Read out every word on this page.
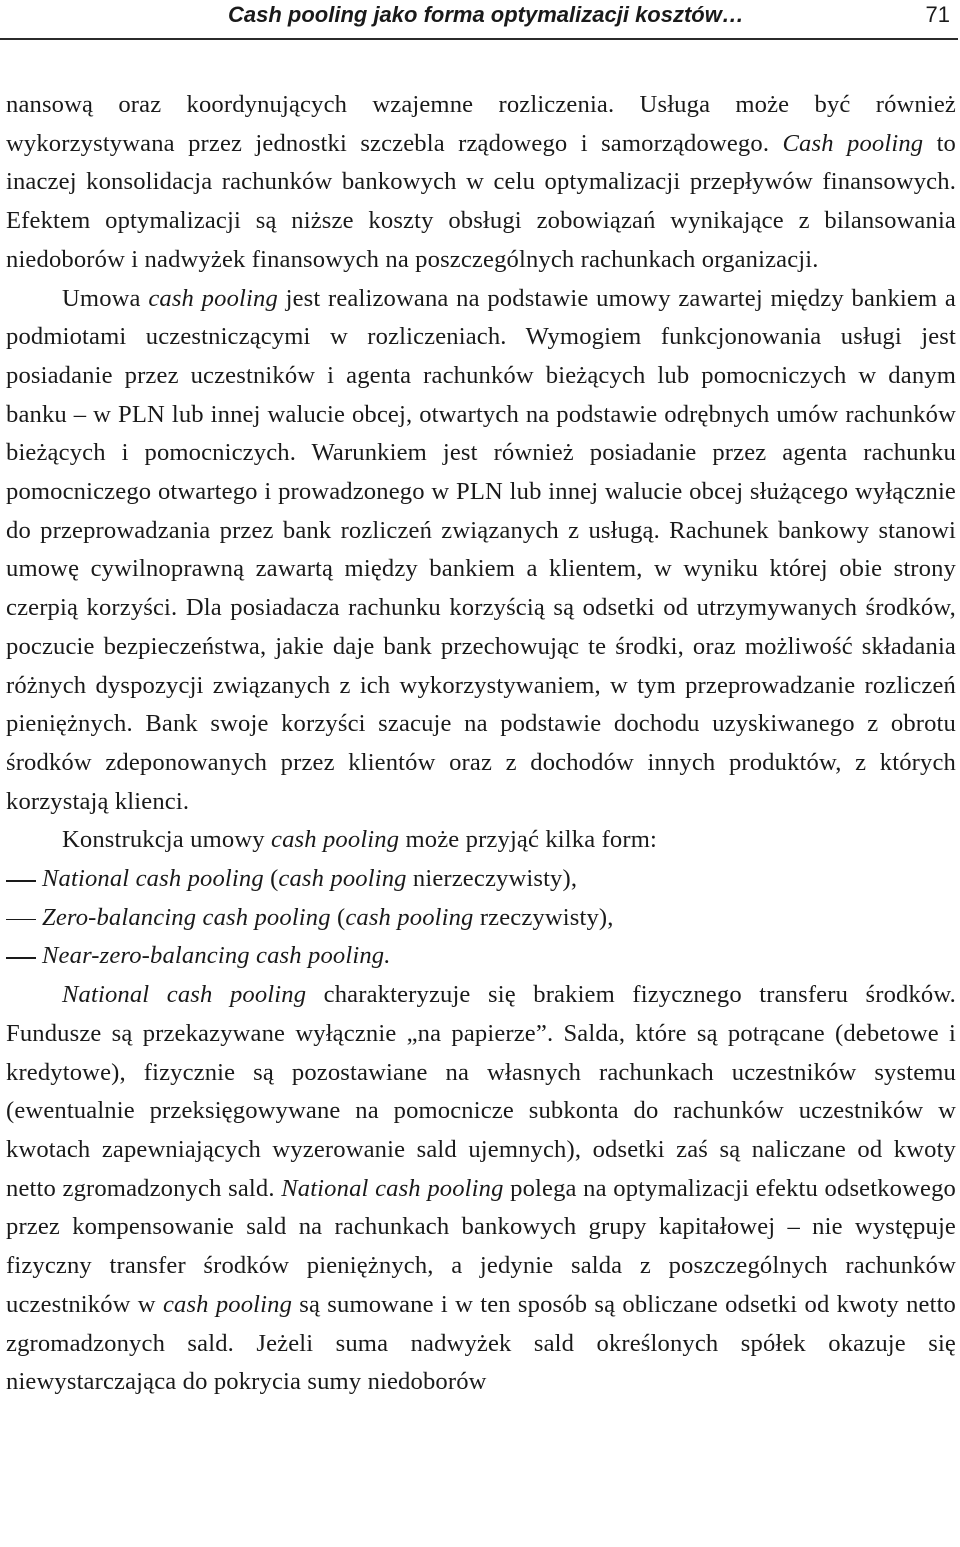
Cash pooling jako forma optymalizacji kosztów…	71

nansową oraz koordynujących wzajemne rozliczenia. Usługa może być również wykorzystywana przez jednostki szczebla rządowego i samorządowego. Cash pooling to inaczej konsolidacja rachunków bankowych w celu optymalizacji przepływów finansowych. Efektem optymalizacji są niższe koszty obsługi zobowiązań wynikające z bilansowania niedoborów i nadwyżek finansowych na poszczególnych rachunkach organizacji.

Umowa cash pooling jest realizowana na podstawie umowy zawartej między bankiem a podmiotami uczestniczącymi w rozliczeniach. Wymogiem funkcjonowania usługi jest posiadanie przez uczestników i agenta rachunków bieżących lub pomocniczych w danym banku – w PLN lub innej walucie obcej, otwartych na podstawie odrębnych umów rachunków bieżących i pomocniczych. Warunkiem jest również posiadanie przez agenta rachunku pomocniczego otwartego i prowadzonego w PLN lub innej walucie obcej służącego wyłącznie do przeprowadzania przez bank rozliczeń związanych z usługą. Rachunek bankowy stanowi umowę cywilnoprawną zawartą między bankiem a klientem, w wyniku której obie strony czerpią korzyści. Dla posiadacza rachunku korzyścią są odsetki od utrzymywanych środków, poczucie bezpieczeństwa, jakie daje bank przechowując te środki, oraz możliwość składania różnych dyspozycji związanych z ich wykorzystywaniem, w tym przeprowadzanie rozliczeń pieniężnych. Bank swoje korzyści szacuje na podstawie dochodu uzyskiwanego z obrotu środków zdeponowanych przez klientów oraz z dochodów innych produktów, z których korzystają klienci.

Konstrukcja umowy cash pooling może przyjąć kilka form:

National cash pooling (cash pooling nierzeczywisty),
Zero-balancing cash pooling (cash pooling rzeczywisty),
Near-zero-balancing cash pooling.

National cash pooling charakteryzuje się brakiem fizycznego transferu środków. Fundusze są przekazywane wyłącznie „na papierze”. Salda, które są potrącane (debetowe i kredytowe), fizycznie są pozostawiane na własnych rachunkach uczestników systemu (ewentualnie przeksięgowywane na pomocnicze subkonta do rachunków uczestników w kwotach zapewniających wyzerowanie sald ujemnych), odsetki zaś są naliczane od kwoty netto zgromadzonych sald. National cash pooling polega na optymalizacji efektu odsetkowego przez kompensowanie sald na rachunkach bankowych grupy kapitałowej – nie występuje fizyczny transfer środków pieniężnych, a jedynie salda z poszczególnych rachunków uczestników w cash pooling są sumowane i w ten sposób są obliczane odsetki od kwoty netto zgromadzonych sald. Jeżeli suma nadwyżek sald określonych spółek okazuje się niewystarczająca do pokrycia sumy niedoborów
